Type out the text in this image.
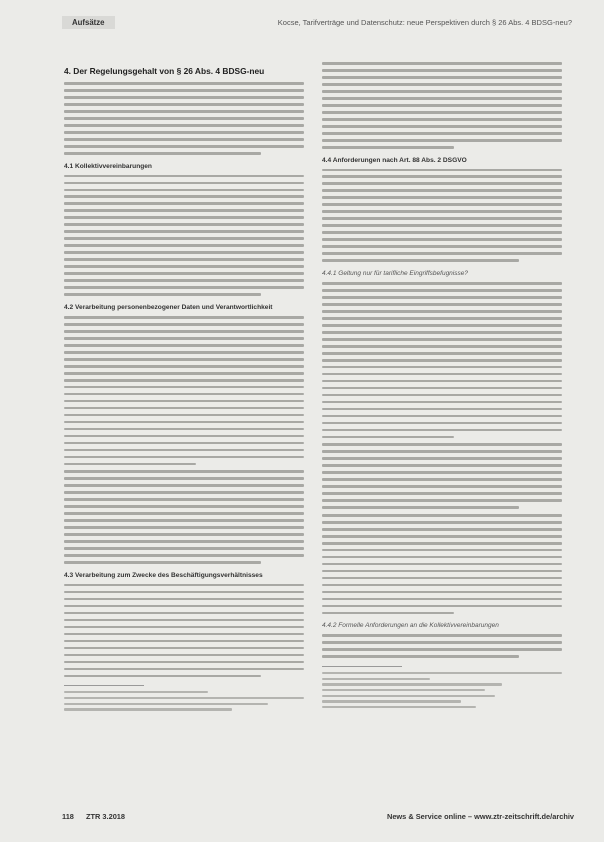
Aufsätze	Kocse, Tarifverträge und Datenschutz: neue Perspektiven durch § 26 Abs. 4 BDSG-neu?
4. Der Regelungsgehalt von § 26 Abs. 4 BDSG-neu
4.1 Kollektivvereinbarungen
4.2 Verarbeitung personenbezogener Daten und Verantwortlichkeit
4.3 Verarbeitung zum Zwecke des Beschäftigungsverhältnisses
4.4 Anforderungen nach Art. 88 Abs. 2 DSGVO
4.4.1 Geltung nur für tarifliche Eingriffsbefugnisse?
4.4.2 Formelle Anforderungen an die Kollektivvereinbarungen
118 ZTR 3.2018	News & Service online – www.ztr-zeitschrift.de/archiv
